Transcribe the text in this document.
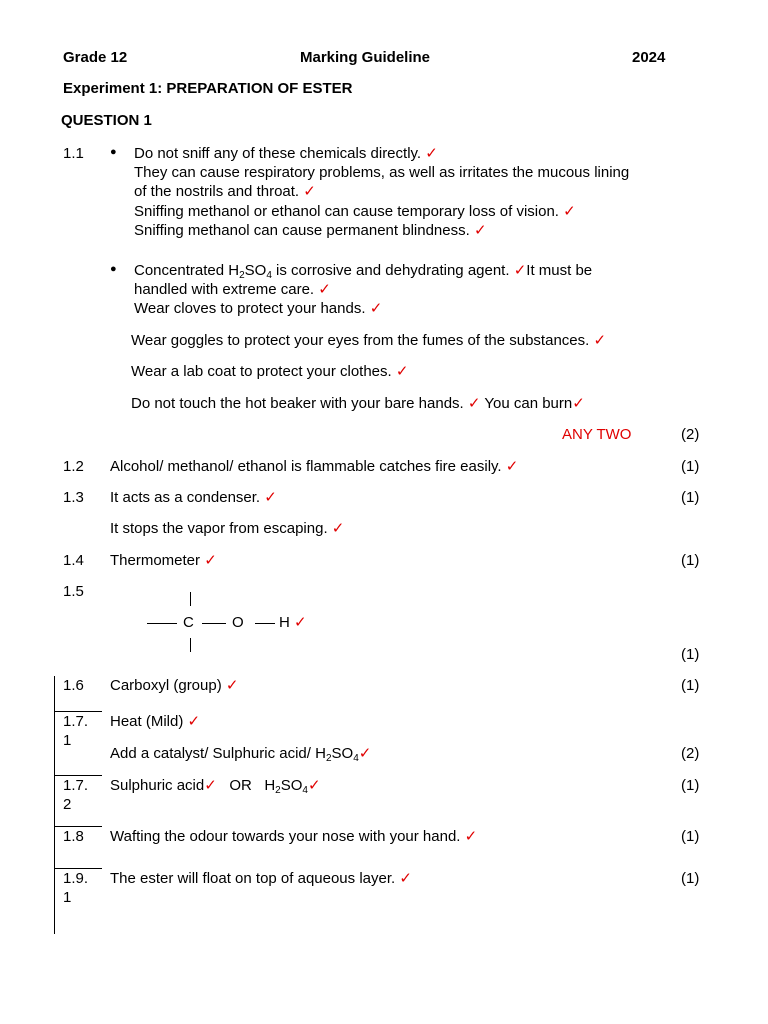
Grade 12	Marking Guideline	2024
Experiment 1: PREPARATION OF ESTER
QUESTION 1
1.1 ● Do not sniff any of these chemicals directly. ✓
They can cause respiratory problems, as well as irritates the mucous lining
of the nostrils and throat. ✓
Sniffing methanol or ethanol can cause temporary loss of vision. ✓
Sniffing methanol can cause permanent blindness. ✓
● Concentrated $H_2SO_4$ is corrosive and dehydrating agent. ✓It must be
handled with extreme care. ✓
Wear cloves to protect your hands. ✓
Wear goggles to protect your eyes from the fumes of the substances. ✓
Wear a lab coat to protect your clothes. ✓
Do not touch the hot beaker with your bare hands. ✓ You can burn✓
ANY TWO	(2)
1.2 Alcohol/ methanol/ ethanol is flammable catches fire easily. ✓	(1)
1.3 It acts as a condenser. ✓	(1)
It stops the vapor from escaping. ✓
1.4 Thermometer ✓	(1)
1.5
C	O H ✓
(1)
1.6 Carboxyl (group) ✓	(1)
1.7.
1
Heat (Mild) ✓
Add a catalyst/ Sulphuric acid/ $H_2SO_4✓$	(2)
1.7.
2
Sulphuric acid✓ OR $H_2SO_4✓$	(1)
1.8 Wafting the odour towards your nose with your hand. ✓	(1)
1.9.
1
The ester will float on top of aqueous layer. ✓	(1)
